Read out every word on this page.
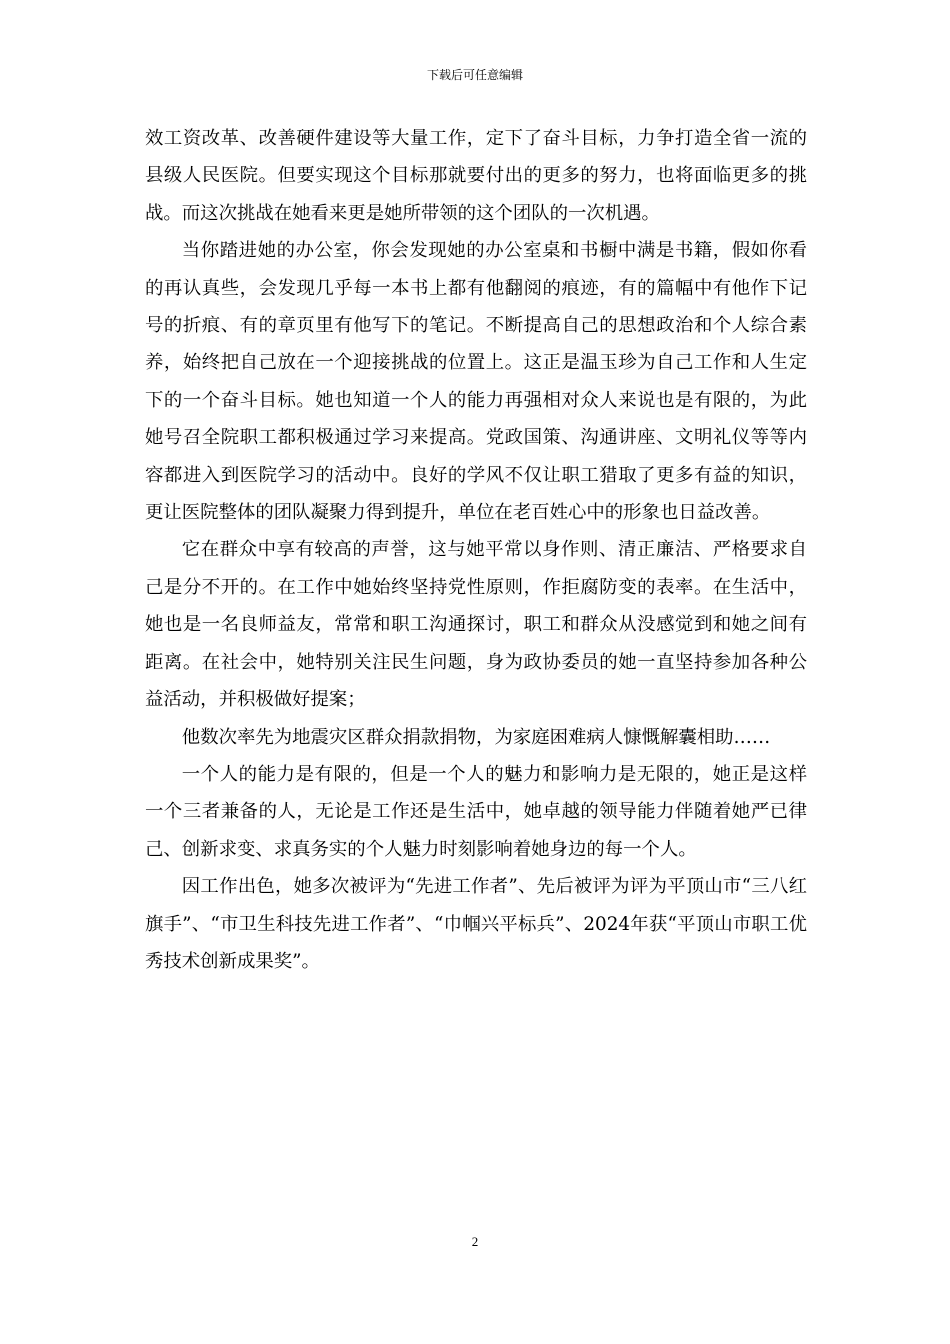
下载后可任意编辑

效工资改革、改善硬件建设等大量工作，定下了奋斗目标，力争打造全省一流的县级人民医院。但要实现这个目标那就要付出的更多的努力，也将面临更多的挑战。而这次挑战在她看来更是她所带领的这个团队的一次机遇。

当你踏进她的办公室，你会发现她的办公室桌和书橱中满是书籍，假如你看的再认真些，会发现几乎每一本书上都有他翻阅的痕迹，有的篇幅中有他作下记号的折痕、有的章页里有他写下的笔记。不断提高自己的思想政治和个人综合素养，始终把自己放在一个迎接挑战的位置上。这正是温玉珍为自己工作和人生定下的一个奋斗目标。她也知道一个人的能力再强相对众人来说也是有限的，为此她号召全院职工都积极通过学习来提高。党政国策、沟通讲座、文明礼仪等等内容都进入到医院学习的活动中。良好的学风不仅让职工猎取了更多有益的知识，更让医院整体的团队凝聚力得到提升，单位在老百姓心中的形象也日益改善。

它在群众中享有较高的声誉，这与她平常以身作则、清正廉洁、严格要求自己是分不开的。在工作中她始终坚持党性原则，作拒腐防变的表率。在生活中，她也是一名良师益友，常常和职工沟通探讨，职工和群众从没感觉到和她之间有距离。在社会中，她特别关注民生问题，身为政协委员的她一直坚持参加各种公益活动，并积极做好提案；

他数次率先为地震灾区群众捐款捐物，为家庭困难病人慷慨解囊相助……

一个人的能力是有限的，但是一个人的魅力和影响力是无限的，她正是这样一个三者兼备的人，无论是工作还是生活中，她卓越的领导能力伴随着她严已律己、创新求变、求真务实的个人魅力时刻影响着她身边的每一个人。

因工作出色，她多次被评为“先进工作者”、先后被评为评为平顶山市“三八红旗手”、“市卫生科技先进工作者”、“巾帼兴平标兵”、2024年获“平顶山市职工优秀技术创新成果奖”。

2
